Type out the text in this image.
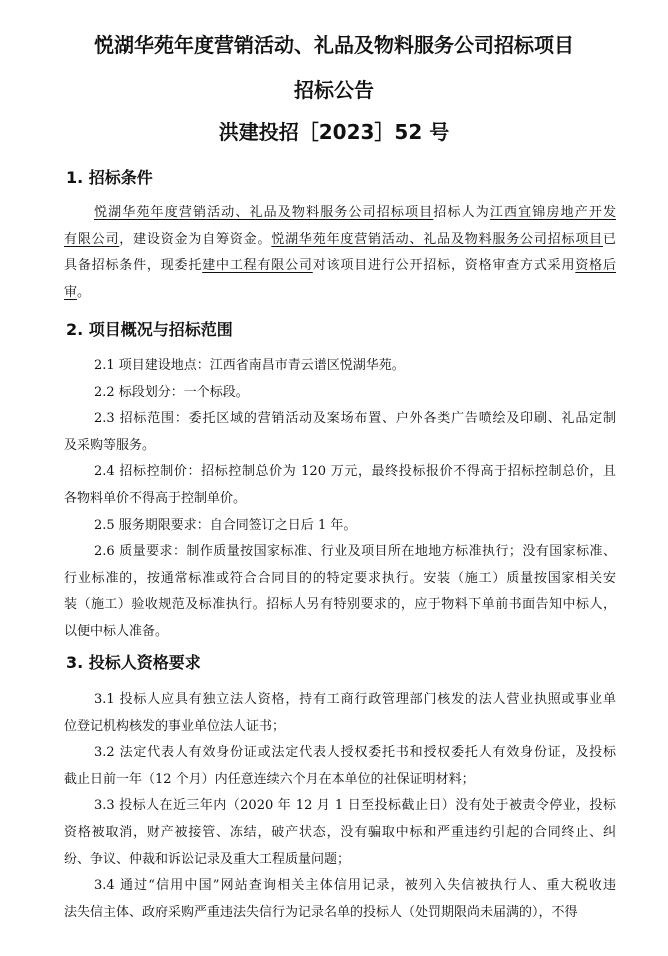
悦湖华苑年度营销活动、礼品及物料服务公司招标项目
招标公告
洪建投招［2023］52 号
1. 招标条件
悦湖华苑年度营销活动、礼品及物料服务公司招标项目招标人为江西宜锦房地产开发
有限公司，建设资金为自筹资金。悦湖华苑年度营销活动、礼品及物料服务公司招标项目已
具备招标条件，现委托建中工程有限公司对该项目进行公开招标，资格审查方式采用资格后
审。
2. 项目概况与招标范围
2.1 项目建设地点：江西省南昌市青云谱区悦湖华苑。
2.2 标段划分：一个标段。
2.3 招标范围：委托区域的营销活动及案场布置、户外各类广告喷绘及印刷、礼品定制
及采购等服务。
2.4 招标控制价：招标控制总价为 120 万元，最终投标报价不得高于招标控制总价，且
各物料单价不得高于控制单价。
2.5 服务期限要求：自合同签订之日后 1 年。
2.6 质量要求：制作质量按国家标准、行业及项目所在地地方标准执行；没有国家标准、
行业标准的，按通常标准或符合合同目的的特定要求执行。安装（施工）质量按国家相关安
装（施工）验收规范及标准执行。招标人另有特别要求的，应于物料下单前书面告知中标人，
以便中标人准备。
3. 投标人资格要求
3.1 投标人应具有独立法人资格，持有工商行政管理部门核发的法人营业执照或事业单
位登记机构核发的事业单位法人证书；
3.2 法定代表人有效身份证或法定代表人授权委托书和授权委托人有效身份证，及投标
截止日前一年（12 个月）内任意连续六个月在本单位的社保证明材料；
3.3 投标人在近三年内（2020 年 12 月 1 日至投标截止日）没有处于被责令停业，投标
资格被取消，财产被接管、冻结，破产状态，没有骗取中标和严重违约引起的合同终止、纠
纷、争议、仲裁和诉讼记录及重大工程质量问题；
3.4 通过“信用中国”网站查询相关主体信用记录，被列入失信被执行人、重大税收违
法失信主体、政府采购严重违法失信行为记录名单的投标人（处罚期限尚未届满的），不得
